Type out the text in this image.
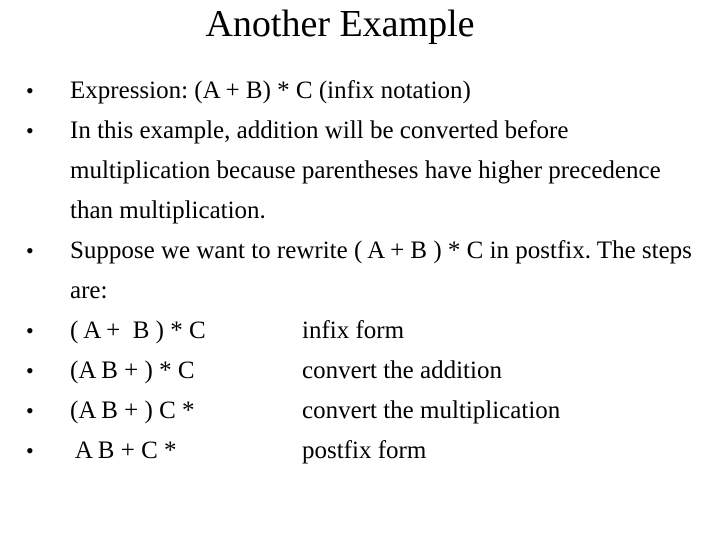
Another Example
•	Expression: (A + B) * C (infix notation)
•	In this example, addition will be converted before multiplication because parentheses have higher precedence than multiplication.
•	Suppose we want to rewrite ( A + B ) * C in postfix. The steps are:
•	( A +  B ) * C	infix form
•	(A B + ) * C	convert the addition
•	(A B + ) C *	convert the multiplication
•	A B + C *	postfix form
